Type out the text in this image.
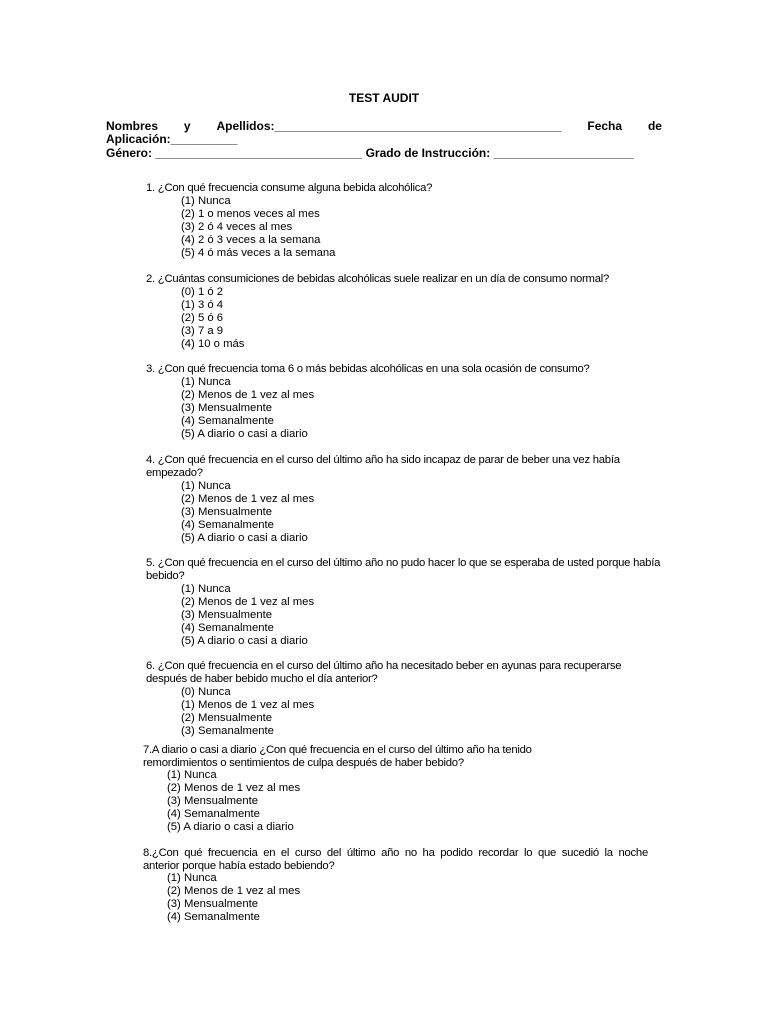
TEST AUDIT
Nombres y Apellidos:___________________________________________ Fecha de
Aplicación:__________
Género: _______________________________ Grado de Instrucción: _____________________
1. ¿Con qué frecuencia consume alguna bebida alcohólica?
(1) Nunca
(2) 1 o menos veces al mes
(3) 2 ó 4 veces al mes
(4) 2 ó 3 veces a la semana
(5) 4 ó más veces a la semana
2. ¿Cuántas consumiciones de bebidas alcohólicas suele realizar en un día de consumo normal?
(0) 1 ó 2
(1) 3 ó 4
(2) 5 ó 6
(3) 7 a 9
(4) 10 o más
3. ¿Con qué frecuencia toma 6 o más bebidas alcohólicas en una sola ocasión de consumo?
(1) Nunca
(2) Menos de 1 vez al mes
(3) Mensualmente
(4) Semanalmente
(5) A diario o casi a diario
4. ¿Con qué frecuencia en el curso del último año ha sido incapaz de parar de beber una vez había
empezado?
(1) Nunca
(2) Menos de 1 vez al mes
(3) Mensualmente
(4) Semanalmente
(5) A diario o casi a diario
5. ¿Con qué frecuencia en el curso del último año no pudo hacer lo que se esperaba de usted porque había
bebido?
(1) Nunca
(2) Menos de 1 vez al mes
(3) Mensualmente
(4) Semanalmente
(5) A diario o casi a diario
6. ¿Con qué frecuencia en el curso del último año ha necesitado beber en ayunas para recuperarse
después de haber bebido mucho el día anterior?
(0) Nunca
(1) Menos de 1 vez al mes
(2) Mensualmente
(3) Semanalmente
7.A diario o casi a diario ¿Con qué frecuencia en el curso del último año ha tenido
remordimientos o sentimientos de culpa después de haber bebido?
(1) Nunca
(2) Menos de 1 vez al mes
(3) Mensualmente
(4) Semanalmente
(5) A diario o casi a diario
8.¿Con qué frecuencia en el curso del último año no ha podido recordar lo que sucedió la noche
anterior porque había estado bebiendo?
(1) Nunca
(2) Menos de 1 vez al mes
(3) Mensualmente
(4) Semanalmente
